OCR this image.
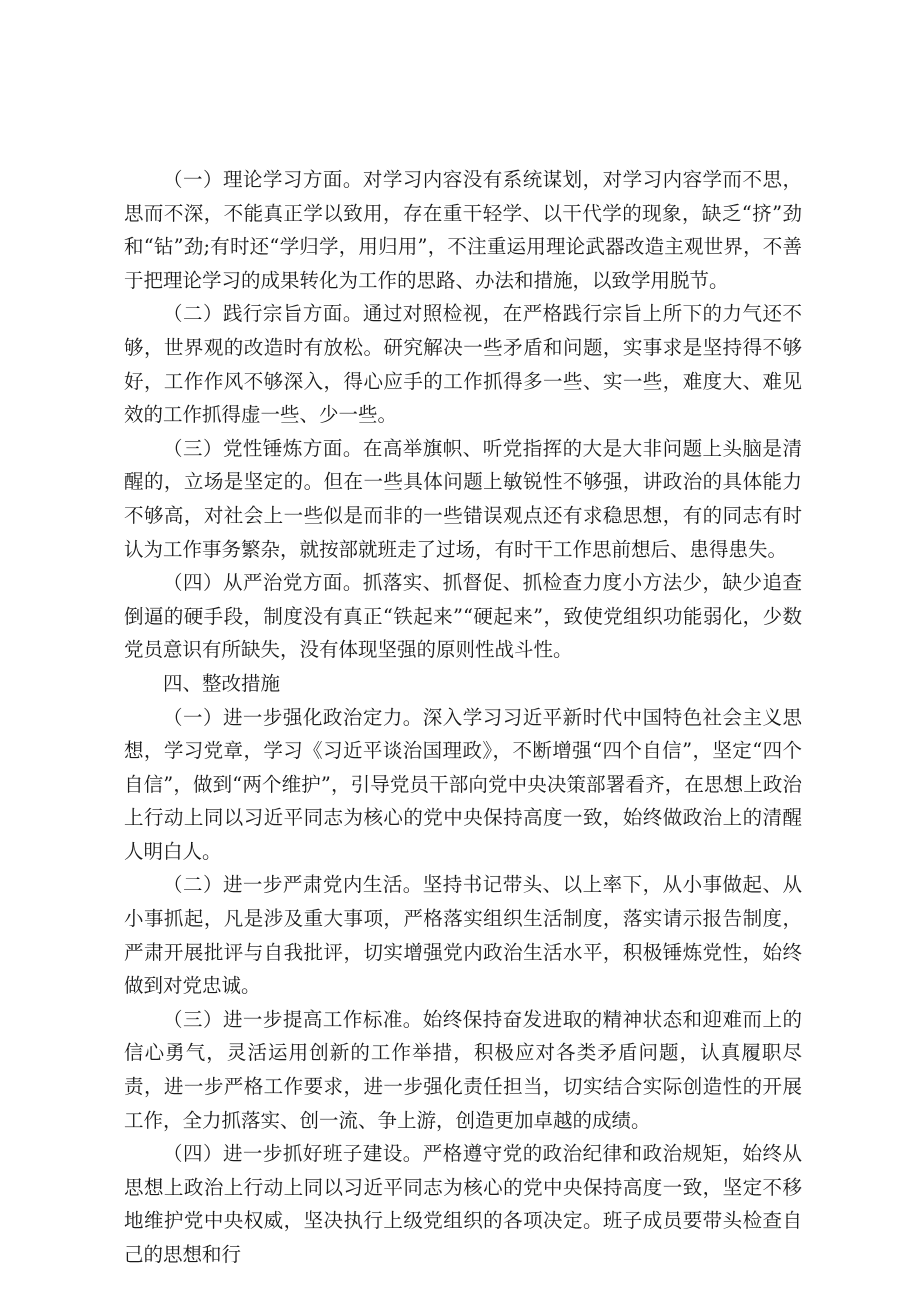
（一）理论学习方面。对学习内容没有系统谋划，对学习内容学而不思，思而不深，不能真正学以致用，存在重干轻学、以干代学的现象，缺乏“挤”劲和“钻”劲;有时还“学归学，用归用”，不注重运用理论武器改造主观世界，不善于把理论学习的成果转化为工作的思路、办法和措施，以致学用脱节。

（二）践行宗旨方面。通过对照检视，在严格践行宗旨上所下的力气还不够，世界观的改造时有放松。研究解决一些矛盾和问题，实事求是坚持得不够好，工作作风不够深入，得心应手的工作抓得多一些、实一些，难度大、难见效的工作抓得虚一些、少一些。

（三）党性锤炼方面。在高举旗帜、听党指挥的大是大非问题上头脑是清醒的，立场是坚定的。但在一些具体问题上敏锐性不够强，讲政治的具体能力不够高，对社会上一些似是而非的一些错误观点还有求稳思想，有的同志有时认为工作事务繁杂，就按部就班走了过场，有时干工作思前想后、患得患失。

（四）从严治党方面。抓落实、抓督促、抓检查力度小方法少，缺少追查倒逼的硬手段，制度没有真正“铁起来”“硬起来”，致使党组织功能弱化，少数党员意识有所缺失，没有体现坚强的原则性战斗性。

四、整改措施

（一）进一步强化政治定力。深入学习习近平新时代中国特色社会主义思想，学习党章，学习《习近平谈治国理政》，不断增强“四个自信”，坚定“四个自信”，做到“两个维护”，引导党员干部向党中央决策部署看齐，在思想上政治上行动上同以习近平同志为核心的党中央保持高度一致，始终做政治上的清醒人明白人。

（二）进一步严肃党内生活。坚持书记带头、以上率下，从小事做起、从小事抓起，凡是涉及重大事项，严格落实组织生活制度，落实请示报告制度，严肃开展批评与自我批评，切实增强党内政治生活水平，积极锤炼党性，始终做到对党忠诚。

（三）进一步提高工作标准。始终保持奋发进取的精神状态和迎难而上的信心勇气，灵活运用创新的工作举措，积极应对各类矛盾问题，认真履职尽责，进一步严格工作要求，进一步强化责任担当，切实结合实际创造性的开展工作，全力抓落实、创一流、争上游，创造更加卓越的成绩。

（四）进一步抓好班子建设。严格遵守党的政治纪律和政治规矩，始终从思想上政治上行动上同以习近平同志为核心的党中央保持高度一致，坚定不移地维护党中央权威，坚决执行上级党组织的各项决定。班子成员要带头检查自己的思想和行
